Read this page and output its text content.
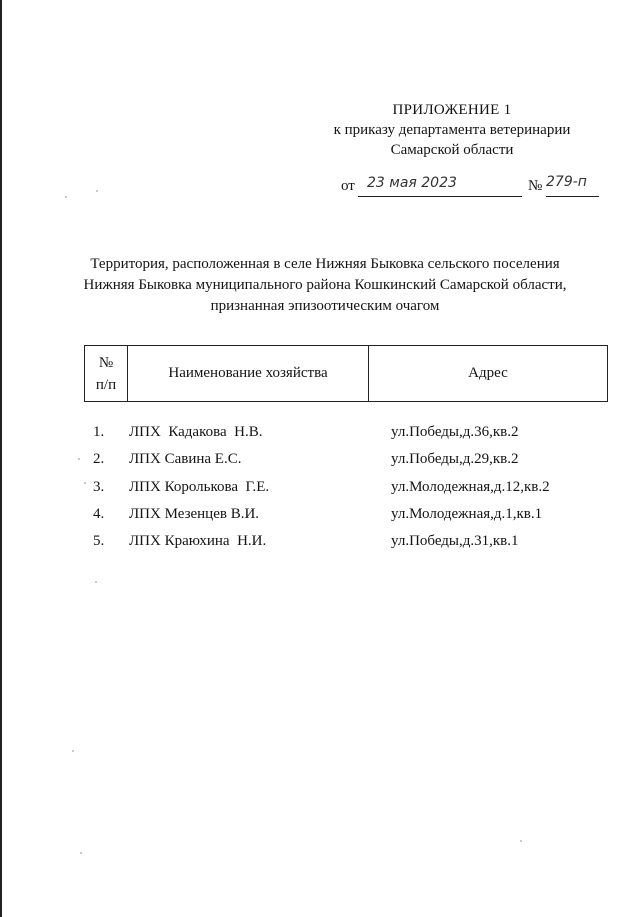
ПРИЛОЖЕНИЕ 1
к приказу департамента ветеринарии
Самарской области
от 23 мая 2023	№ 279-п
Территория, расположенная в селе Нижняя Быковка сельского поселения
Нижняя Быковка муниципального района Кошкинский Самарской области,
признанная эпизоотическим очагом
№
п/п
	Наименование хозяйства	Адрес
1. ЛПХ  Кадакова  Н.В.	ул.Победы,д.36,кв.2
2. ЛПХ Савина Е.С.	ул.Победы,д.29,кв.2
3. ЛПХ Королькова  Г.Е.	ул.Молодежная,д.12,кв.2
4. ЛПХ Мезенцев В.И.	ул.Молодежная,д.1,кв.1
5. ЛПХ Краюхина  Н.И.	ул.Победы,д.31,кв.1
